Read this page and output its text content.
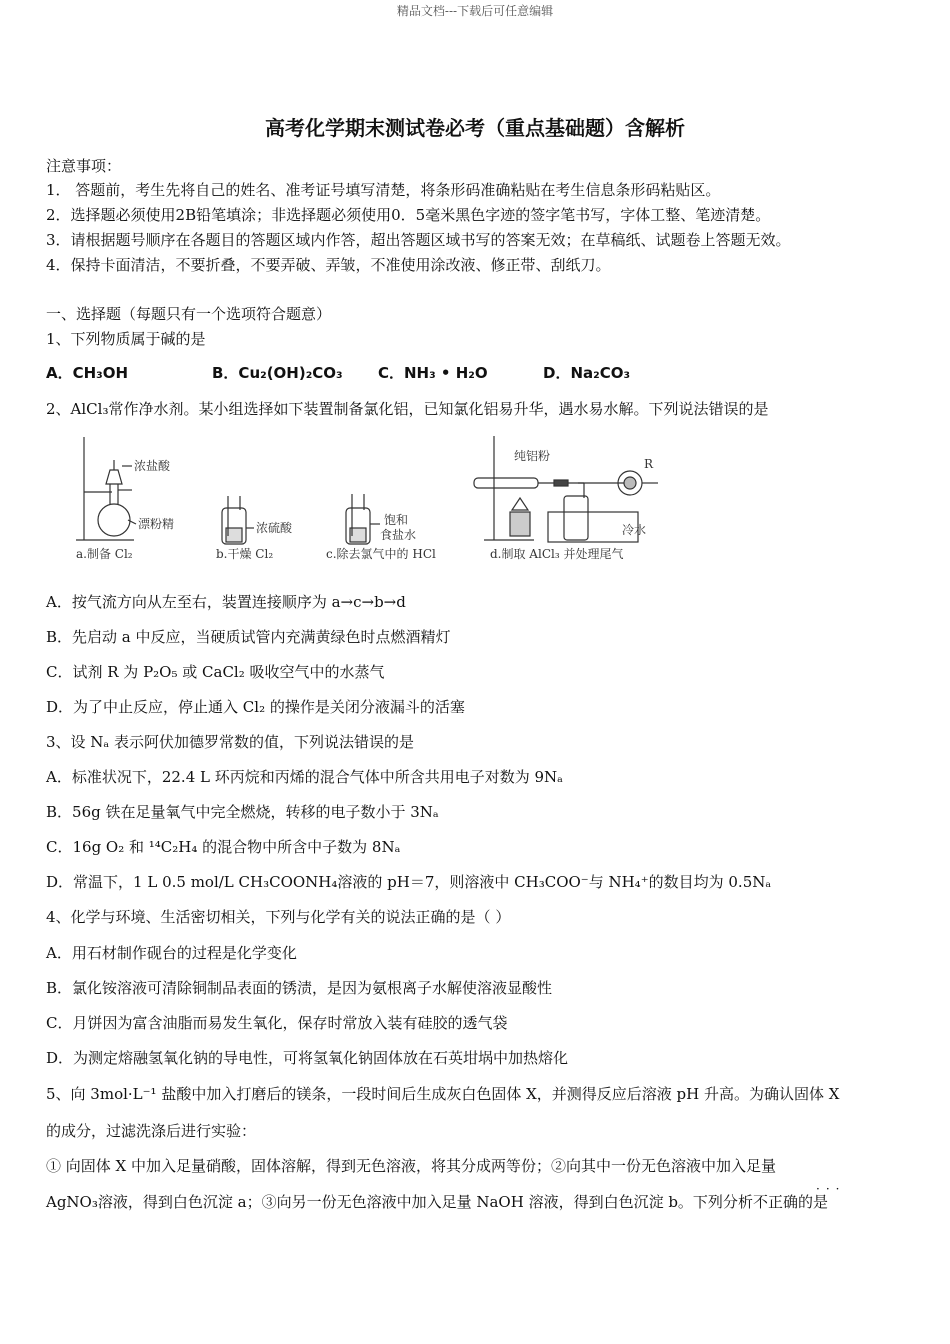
精品文档---下载后可任意编辑
高考化学期末测试卷必考（重点基础题）含解析
注意事项：
1． 答题前，考生先将自己的姓名、准考证号填写清楚，将条形码准确粘贴在考生信息条形码粘贴区。
2．选择题必须使用2B铅笔填涂；非选择题必须使用0．5毫米黑色字迹的签字笔书写，字体工整、笔迹清楚。
3．请根据题号顺序在各题目的答题区域内作答，超出答题区域书写的答案无效；在草稿纸、试题卷上答题无效。
4．保持卡面清洁，不要折叠，不要弄破、弄皱，不准使用涂改液、修正带、刮纸刀。
一、选择题（每题只有一个选项符合题意）
1、下列物质属于碱的是
A．CH₃OH	B．Cu₂(OH)₂CO₃ C．NH₃ • H₂O	D．Na₂CO₃
2、AlCl₃常作净水剂。某小组选择如下装置制备氯化铝，已知氯化铝易升华，遇水易水解。下列说法错误的是
浓盐酸
漂粉精
a.制备 Cl₂
浓硫酸
b.干燥 Cl₂
饱和
食盐水
c.除去氯气中的 HCl
纯铝粉
R
冷水
d.制取 AlCl₃ 并处理尾气
A．按气流方向从左至右，装置连接顺序为 a→c→b→d
B．先启动 a 中反应，当硬质试管内充满黄绿色时点燃酒精灯
C．试剂 R 为 P₂O₅ 或 CaCl₂ 吸收空气中的水蒸气
D．为了中止反应，停止通入 Cl₂ 的操作是关闭分液漏斗的活塞
3、设 Nₐ 表示阿伏加德罗常数的值，下列说法错误的是
A．标准状况下，22.4 L 环丙烷和丙烯的混合气体中所含共用电子对数为 9Nₐ
B．56g 铁在足量氧气中完全燃烧，转移的电子数小于 3Nₐ
C．16g O₂ 和 ¹⁴C₂H₄ 的混合物中所含中子数为 8Nₐ
D．常温下，1 L 0.5 mol/L CH₃COONH₄溶液的 pH＝7，则溶液中 CH₃COO⁻与 NH₄⁺的数目均为 0.5Nₐ
4、化学与环境、生活密切相关，下列与化学有关的说法正确的是（ ）
A．用石材制作砚台的过程是化学变化
B．氯化铵溶液可清除铜制品表面的锈渍，是因为氨根离子水解使溶液显酸性
C．月饼因为富含油脂而易发生氧化，保存时常放入装有硅胶的透气袋
D．为测定熔融氢氧化钠的导电性，可将氢氧化钠固体放在石英坩埚中加热熔化
5、向 3mol·L⁻¹ 盐酸中加入打磨后的镁条，一段时间后生成灰白色固体 X，并测得反应后溶液 pH 升高。为确认固体 X
的成分，过滤洗涤后进行实验：
① 向固体 X 中加入足量硝酸，固体溶解，得到无色溶液，将其分成两等份；②向其中一份无色溶液中加入足量
···
AgNO₃溶液，得到白色沉淀 a；③向另一份无色溶液中加入足量 NaOH 溶液，得到白色沉淀 b。下列分析不正确的是
